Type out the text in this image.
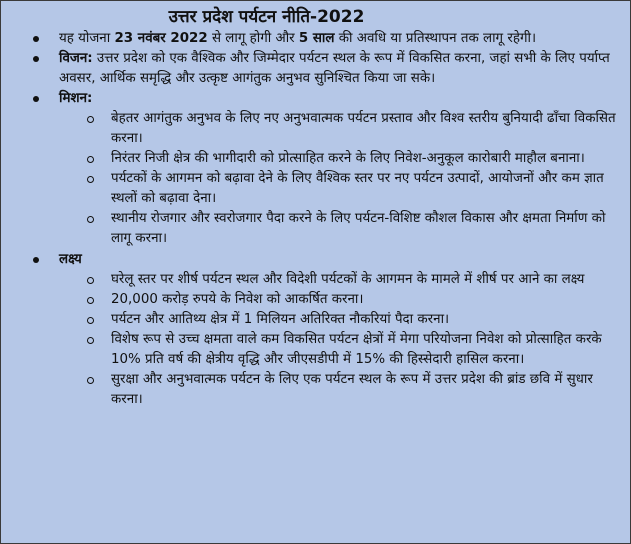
उत्तर प्रदेश पर्यटन नीति-2022
यह योजना 23 नवंबर 2022 से लागू होगी और 5 साल की अवधि या प्रतिस्थापन तक लागू रहेगी।
विजन: उत्तर प्रदेश को एक वैश्विक और जिम्मेदार पर्यटन स्थल के रूप में विकसित करना, जहां सभी के लिए पर्याप्त अवसर, आर्थिक समृद्धि और उत्कृष्ट आगंतुक अनुभव सुनिश्चित किया जा सके।
मिशन:
बेहतर आगंतुक अनुभव के लिए नए अनुभवात्मक पर्यटन प्रस्ताव और विश्व स्तरीय बुनियादी ढाँचा विकसित करना।
निरंतर निजी क्षेत्र की भागीदारी को प्रोत्साहित करने के लिए निवेश-अनुकूल कारोबारी माहौल बनाना।
पर्यटकों के आगमन को बढ़ावा देने के लिए वैश्विक स्तर पर नए पर्यटन उत्पादों, आयोजनों और कम ज्ञात स्थलों को बढ़ावा देना।
स्थानीय रोजगार और स्वरोजगार पैदा करने के लिए पर्यटन-विशिष्ट कौशल विकास और क्षमता निर्माण को लागू करना।
लक्ष्य
घरेलू स्तर पर शीर्ष पर्यटन स्थल और विदेशी पर्यटकों के आगमन के मामले में शीर्ष पर आने का लक्ष्य
20,000 करोड़ रुपये के निवेश को आकर्षित करना।
पर्यटन और आतिथ्य क्षेत्र में 1 मिलियन अतिरिक्त नौकरियां पैदा करना।
विशेष रूप से उच्च क्षमता वाले कम विकसित पर्यटन क्षेत्रों में मेगा परियोजना निवेश को प्रोत्साहित करके 10% प्रति वर्ष की क्षेत्रीय वृद्धि और जीएसडीपी में 15% की हिस्सेदारी हासिल करना।
सुरक्षा और अनुभवात्मक पर्यटन के लिए एक पर्यटन स्थल के रूप में उत्तर प्रदेश की ब्रांड छवि में सुधार करना।
